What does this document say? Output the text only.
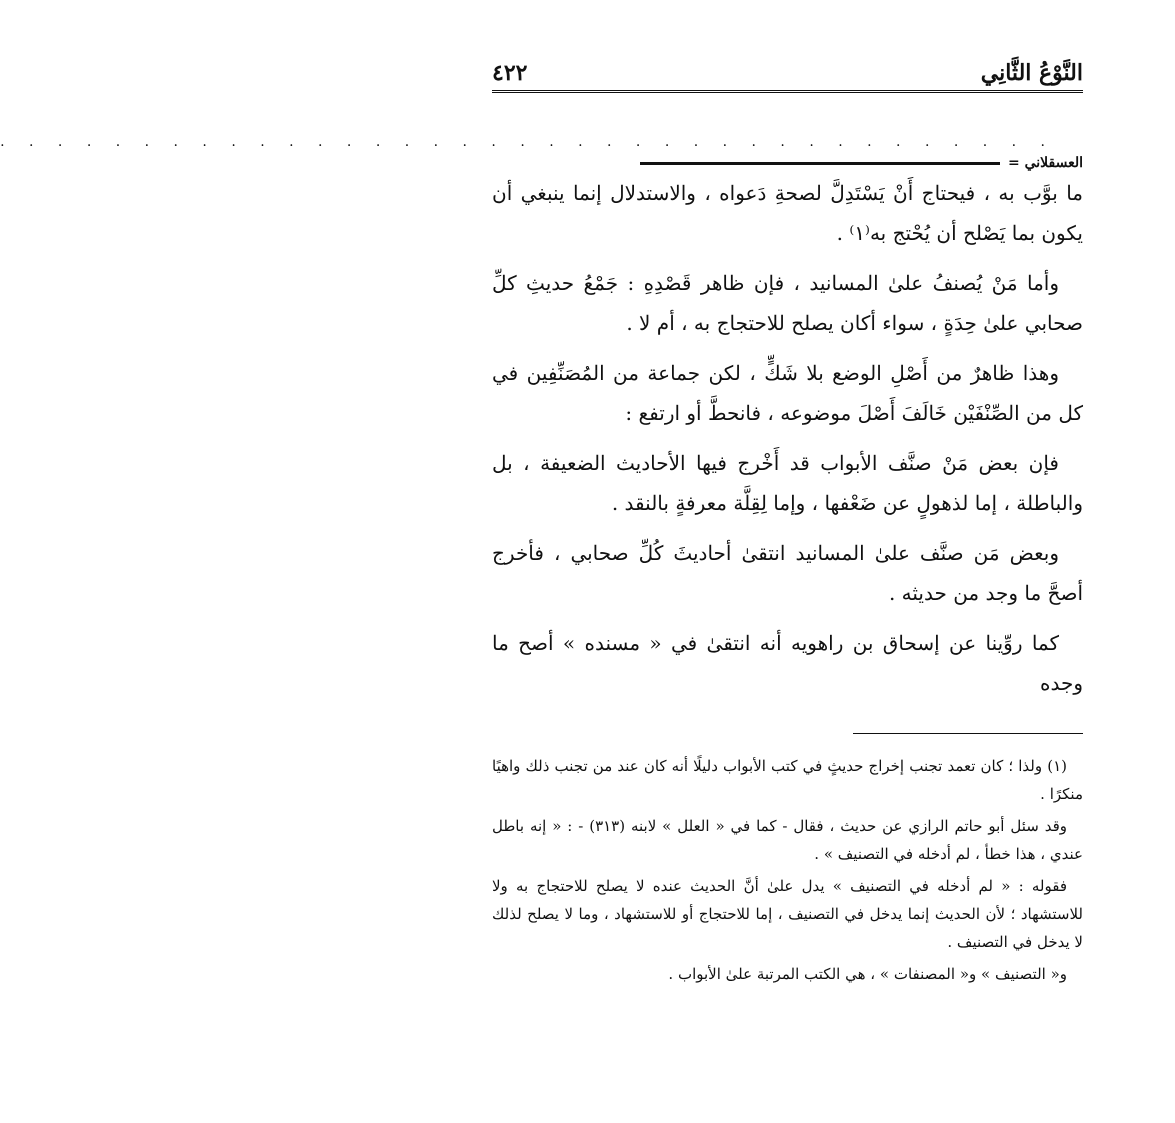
النَّوْعُ الثَّانِي
٤٢٢
. . . . . . . . . . . . . . . . . . . . . . . . . . . . . . . . . . . . .
العسقلاني =

ما بوَّب به ، فيحتاج أَنْ يَسْتَدِلَّ لصحةِ دَعواه ، والاستدلال إنما ينبغي أن يكون بما يَصْلح أن يُحْتج به⁽١⁾ .

وأما مَنْ يُصنفُ علىٰ المسانيد ، فإن ظاهر قَصْدِهِ : جَمْعُ حديثِ كلِّ صحابي علىٰ حِدَةٍ ، سواء أكان يصلح للاحتجاج به ، أم لا .

وهذا ظاهرٌ من أَصْلِ الوضع بلا شَكٍّ ، لكن جماعة من المُصَنِّفِين في كل من الصِّنْفَيْن خَالَفَ أَصْلَ موضوعه ، فانحطَّ أو ارتفع :

فإن بعض مَنْ صنَّف الأبواب قد أَخْرج فيها الأحاديث الضعيفة ، بل والباطلة ، إما لذهولٍ عن ضَعْفها ، وإما لِقِلَّة معرفةٍ بالنقد .

وبعض مَن صنَّف علىٰ المسانيد انتقىٰ أحاديثَ كُلِّ صحابي ، فأخرج أصحَّ ما وجد من حديثه .

كما روِّينا عن إسحاق بن راهويه أنه انتقىٰ في « مسنده » أصح ما وجده

(١) ولذا ؛ كان تعمد تجنب إخراج حديثٍ في كتب الأبواب دليلًا أنه كان عند من تجنب ذلك واهيًا منكرًا .

وقد سئل أبو حاتم الرازي عن حديث ، فقال - كما في « العلل » لابنه (٣١٣) - : « إنه باطل عندي ، هذا خطأ ، لم أدخله في التصنيف » .

فقوله : « لم أدخله في التصنيف » يدل علىٰ أنَّ الحديث عنده لا يصلح للاحتجاج به ولا للاستشهاد ؛ لأن الحديث إنما يدخل في التصنيف ، إما للاحتجاج أو للاستشهاد ، وما لا يصلح لذلك لا يدخل في التصنيف .

و« التصنيف » و« المصنفات » ، هي الكتب المرتبة علىٰ الأبواب .
